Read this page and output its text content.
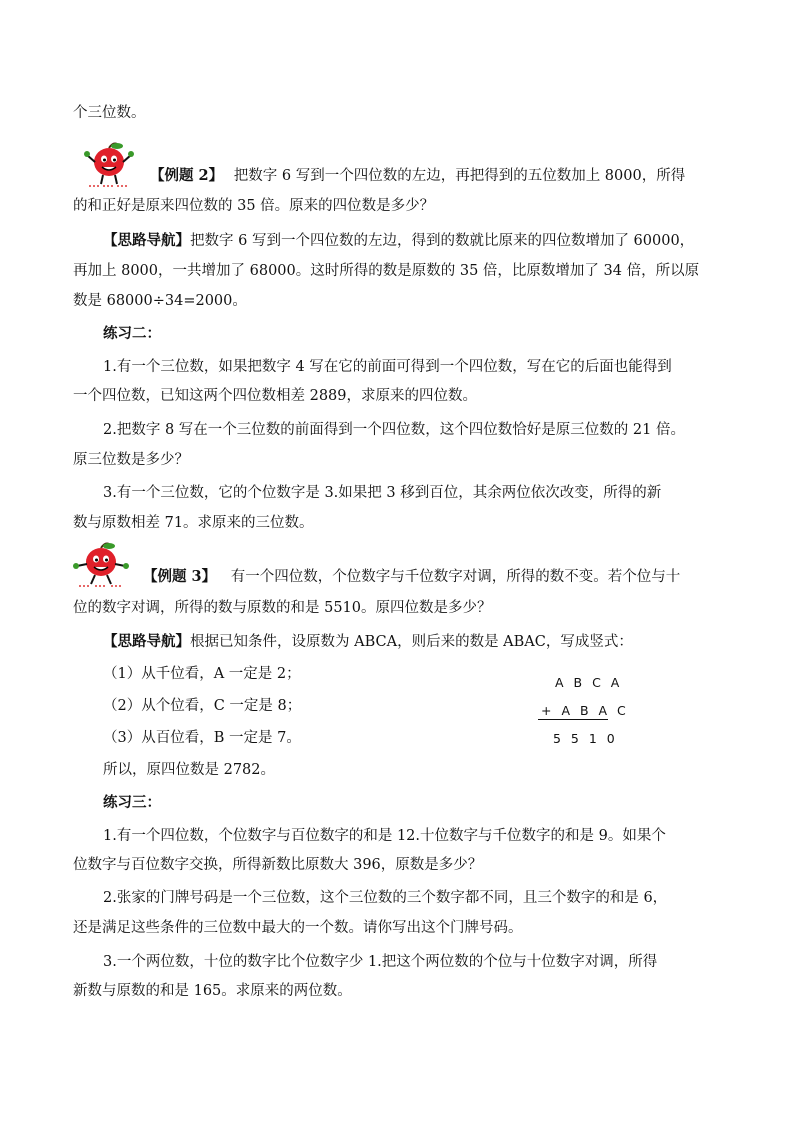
个三位数。
【例题 2】 把数字 6 写到一个四位数的左边，再把得到的五位数加上 8000，所得
的和正好是原来四位数的 35 倍。原来的四位数是多少？
【思路导航】把数字 6 写到一个四位数的左边，得到的数就比原来的四位数增加了 60000，
再加上 8000，一共增加了 68000。这时所得的数是原数的 35 倍，比原数增加了 34 倍，所以原
数是 68000÷34=2000。
练习二：
1.有一个三位数，如果把数字 4 写在它的前面可得到一个四位数，写在它的后面也能得到
一个四位数，已知这两个四位数相差 2889，求原来的四位数。
2.把数字 8 写在一个三位数的前面得到一个四位数，这个四位数恰好是原三位数的 21 倍。
原三位数是多少？
3.有一个三位数，它的个位数字是 3.如果把 3 移到百位，其余两位依次改变，所得的新
数与原数相差 71。求原来的三位数。
【例题 3】 有一个四位数，个位数字与千位数字对调，所得的数不变。若个位与十
位的数字对调，所得的数与原数的和是 5510。原四位数是多少？
【思路导航】根据已知条件，设原数为 ABCA，则后来的数是 ABAC，写成竖式：
（1）从千位看，A 一定是 2；
（2）从个位看，C 一定是 8；
（3）从百位看，B 一定是 7。
所以，原四位数是 2782。
A B C A
+ A B A C
5 5 1 0
练习三：
1.有一个四位数，个位数字与百位数字的和是 12.十位数字与千位数字的和是 9。如果个
位数字与百位数字交换，所得新数比原数大 396，原数是多少？
2.张家的门牌号码是一个三位数，这个三位数的三个数字都不同，且三个数字的和是 6，
还是满足这些条件的三位数中最大的一个数。请你写出这个门牌号码。
3.一个两位数，十位的数字比个位数字少 1.把这个两位数的个位与十位数字对调，所得
新数与原数的和是 165。求原来的两位数。
